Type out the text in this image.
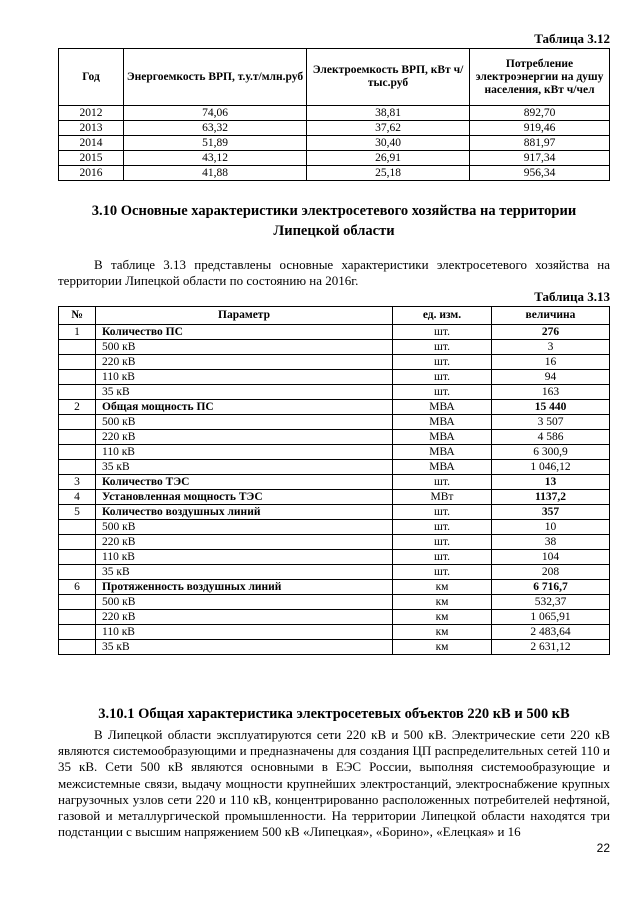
Таблица 3.12
Год	Энергоемкость ВРП, т.у.т/млн.руб	Электроемкость ВРП, кВт ч/тыс.руб	Потребление электроэнергии на душу населения, кВт ч/чел
2012	74,06	38,81	892,70
2013	63,32	37,62	919,46
2014	51,89	30,40	881,97
2015	43,12	26,91	917,34
2016	41,88	25,18	956,34
3.10 Основные характеристики электросетевого хозяйства на территории Липецкой области
В таблице 3.13 представлены основные характеристики электросетевого хозяйства на территории Липецкой области по состоянию на 2016г.
Таблица 3.13
№	Параметр	ед. изм.	величина
1	Количество ПС	шт.	276
	500 кВ	шт.	3
	220 кВ	шт.	16
	110 кВ	шт.	94
	35 кВ	шт.	163
2	Общая мощность ПС	МВА	15 440
	500 кВ	МВА	3 507
	220 кВ	МВА	4 586
	110 кВ	МВА	6 300,9
	35 кВ	МВА	1 046,12
3	Количество ТЭС	шт.	13
4	Установленная мощность ТЭС	МВт	1137,2
5	Количество воздушных линий	шт.	357
	500 кВ	шт.	10
	220 кВ	шт.	38
	110 кВ	шт.	104
	35 кВ	шт.	208
6	Протяженность воздушных линий	км	6 716,7
	500 кВ	км	532,37
	220 кВ	км	1 065,91
	110 кВ	км	2 483,64
	35 кВ	км	2 631,12
3.10.1 Общая характеристика электросетевых объектов 220 кВ и 500 кВ
В Липецкой области эксплуатируются сети 220 кВ и 500 кВ. Электрические сети 220 кВ являются системообразующими и предназначены для создания ЦП распределительных сетей 110 и 35 кВ. Сети 500 кВ являются основными в ЕЭС России, выполняя системообразующие и межсистемные связи, выдачу мощности крупнейших электростанций, электроснабжение крупных нагрузочных узлов сети 220 и 110 кВ, концентрированно расположенных потребителей нефтяной, газовой и металлургической промышленности. На территории Липецкой области находятся три подстанции с высшим напряжением 500 кВ «Липецкая», «Борино», «Елецкая» и 16
22
